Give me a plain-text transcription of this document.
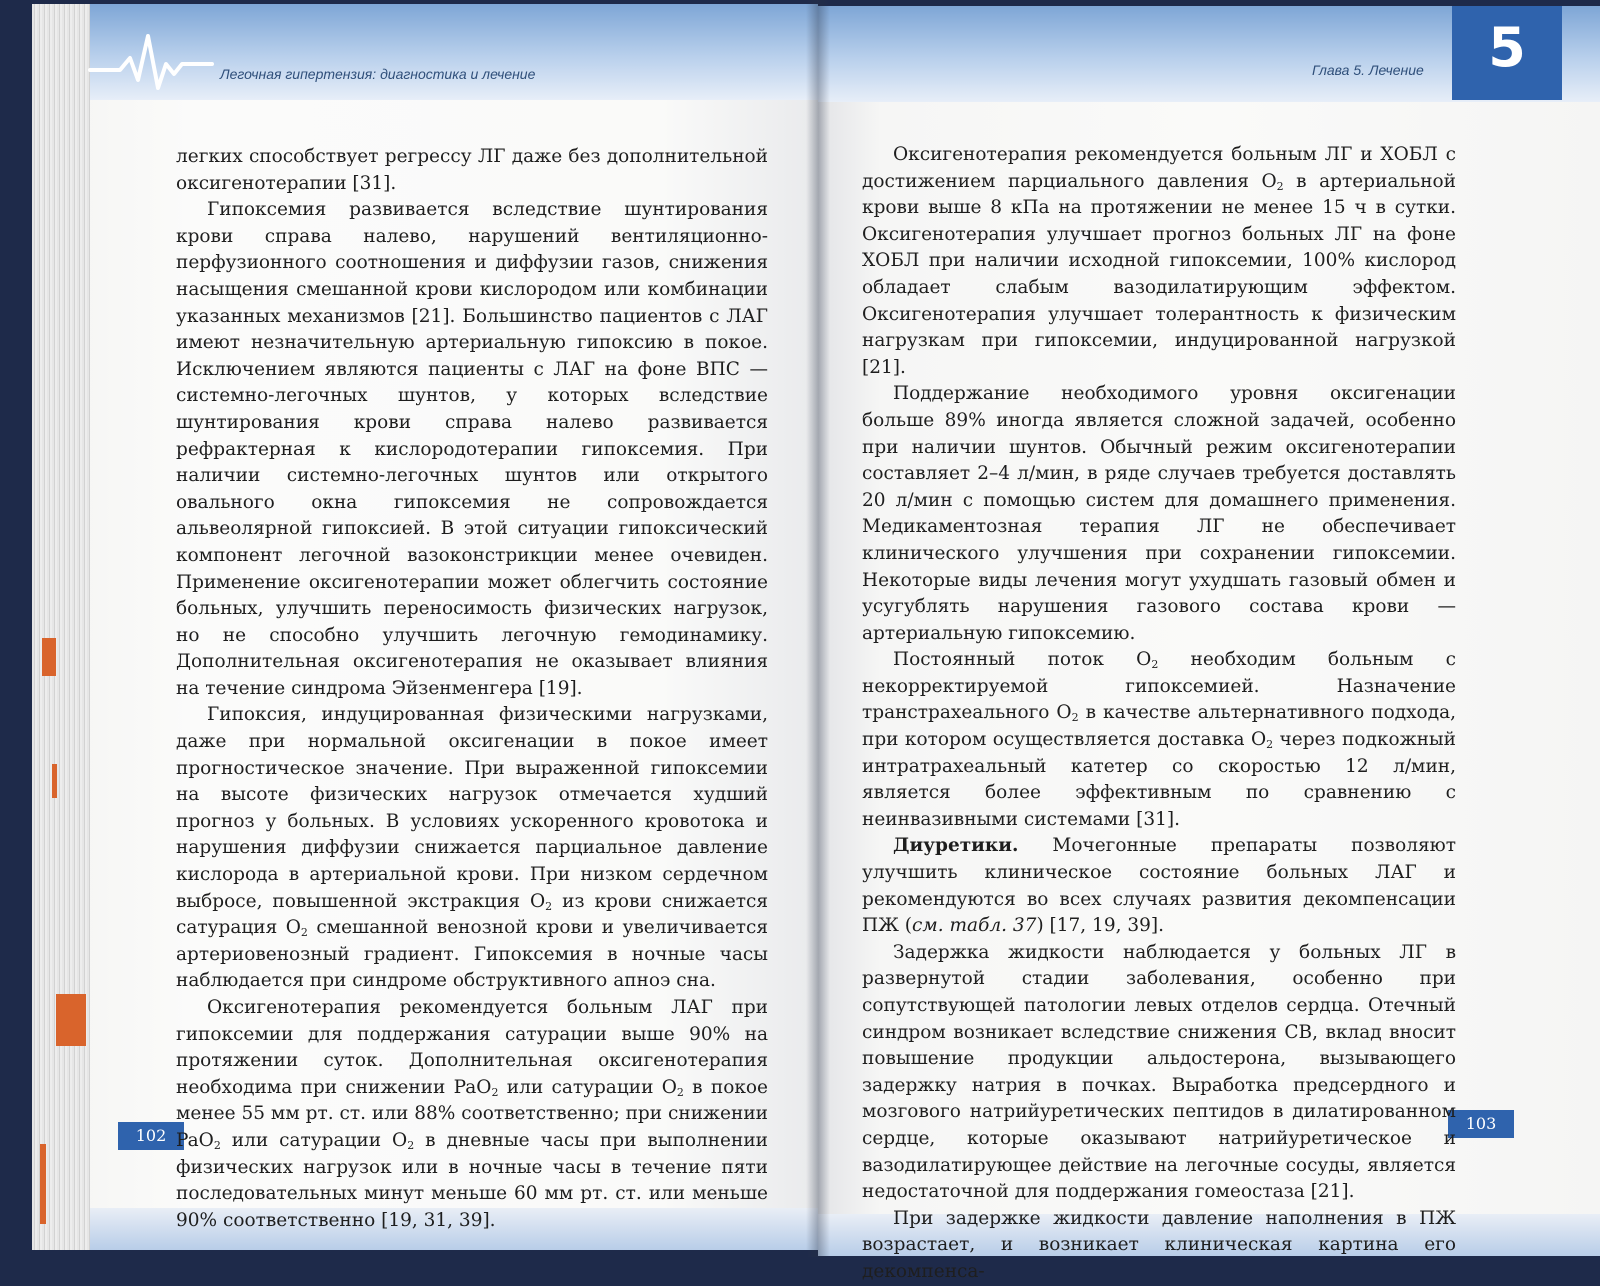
Легочная гипертензия: диагностика и лечение
102

легких способствует регрессу ЛГ даже без дополнительной оксигенотерапии [31].

Гипоксемия развивается вследствие шунтирования крови справа налево, нарушений вентиляционно-перфузионного соотношения и диффузии газов, снижения насыщения смешанной крови кислородом или комбинации указанных механизмов [21]. Большинство пациентов с ЛАГ имеют незначительную артериальную гипоксию в покое. Исключением являются пациенты с ЛАГ на фоне ВПС — системно-легочных шунтов, у которых вследствие шунтирования крови справа налево развивается рефрактерная к кислородотерапии гипоксемия. При наличии системно-легочных шунтов или открытого овального окна гипоксемия не сопровождается альвеолярной гипоксией. В этой ситуации гипоксический компонент легочной вазоконстрикции менее очевиден. Применение оксигенотерапии может облегчить состояние больных, улучшить переносимость физических нагрузок, но не способно улучшить легочную гемодинамику. Дополнительная оксигенотерапия не оказывает влияния на течение синдрома Эйзенменгера [19].

Гипоксия, индуцированная физическими нагрузками, даже при нормальной оксигенации в покое имеет прогностическое значение. При выраженной гипоксемии на высоте физических нагрузок отмечается худший прогноз у больных. В условиях ускоренного кровотока и нарушения диффузии снижается парциальное давление кислорода в артериальной крови. При низком сердечном выбросе, повышенной экстракция $O_2$ из крови снижается сатурация $O_2$ смешанной венозной крови и увеличивается артериовенозный градиент. Гипоксемия в ночные часы наблюдается при синдроме обструктивного апноэ сна.

Оксигенотерапия рекомендуется больным ЛАГ при гипоксемии для поддержания сатурации выше 90% на протяжении суток. Дополнительная оксигенотерапия необходима при снижении PaO$_2$ или сатурации $O_2$ в покое менее 55 мм рт. ст. или 88% соответственно; при снижении PaO$_2$ или сатурации $O_2$ в дневные часы при выполнении физических нагрузок или в ночные часы в течение пяти последовательных минут меньше 60 мм рт. ст. или меньше 90% соответственно [19, 31, 39].

5
Глава 5. Лечение
103

Оксигенотерапия рекомендуется больным ЛГ и ХОБЛ с достижением парциального давления $O_2$ в артериальной крови выше 8 кПа на протяжении не менее 15 ч в сутки. Оксигенотерапия улучшает прогноз больных ЛГ на фоне ХОБЛ при наличии исходной гипоксемии, 100% кислород обладает слабым вазодилатирующим эффектом. Оксигенотерапия улучшает толерантность к физическим нагрузкам при гипоксемии, индуцированной нагрузкой [21].

Поддержание необходимого уровня оксигенации больше 89% иногда является сложной задачей, особенно при наличии шунтов. Обычный режим оксигенотерапии составляет 2–4 л/мин, в ряде случаев требуется доставлять 20 л/мин с помощью систем для домашнего применения. Медикаментозная терапия ЛГ не обеспечивает клинического улучшения при сохранении гипоксемии. Некоторые виды лечения могут ухудшать газовый обмен и усугублять нарушения газового состава крови — артериальную гипоксемию.

Постоянный поток $O_2$ необходим больным с некорректируемой гипоксемией. Назначение транстрахеального $O_2$ в качестве альтернативного подхода, при котором осуществляется доставка $O_2$ через подкожный интратрахеальный катетер со скоростью 12 л/мин, является более эффективным по сравнению с неинвазивными системами [31].

Диуретики. Мочегонные препараты позволяют улучшить клиническое состояние больных ЛАГ и рекомендуются во всех случаях развития декомпенсации ПЖ (см. табл. 37) [17, 19, 39].

Задержка жидкости наблюдается у больных ЛГ в развернутой стадии заболевания, особенно при сопутствующей патологии левых отделов сердца. Отечный синдром возникает вследствие снижения СВ, вклад вносит повышение продукции альдостерона, вызывающего задержку натрия в почках. Выработка предсердного и мозгового натрийуретических пептидов в дилатированном сердце, которые оказывают натрийуретическое и вазодилатирующее действие на легочные сосуды, является недостаточной для поддержания гомеостаза [21].

При задержке жидкости давление наполнения в ПЖ возрастает, и возникает клиническая картина его декомпенса-
